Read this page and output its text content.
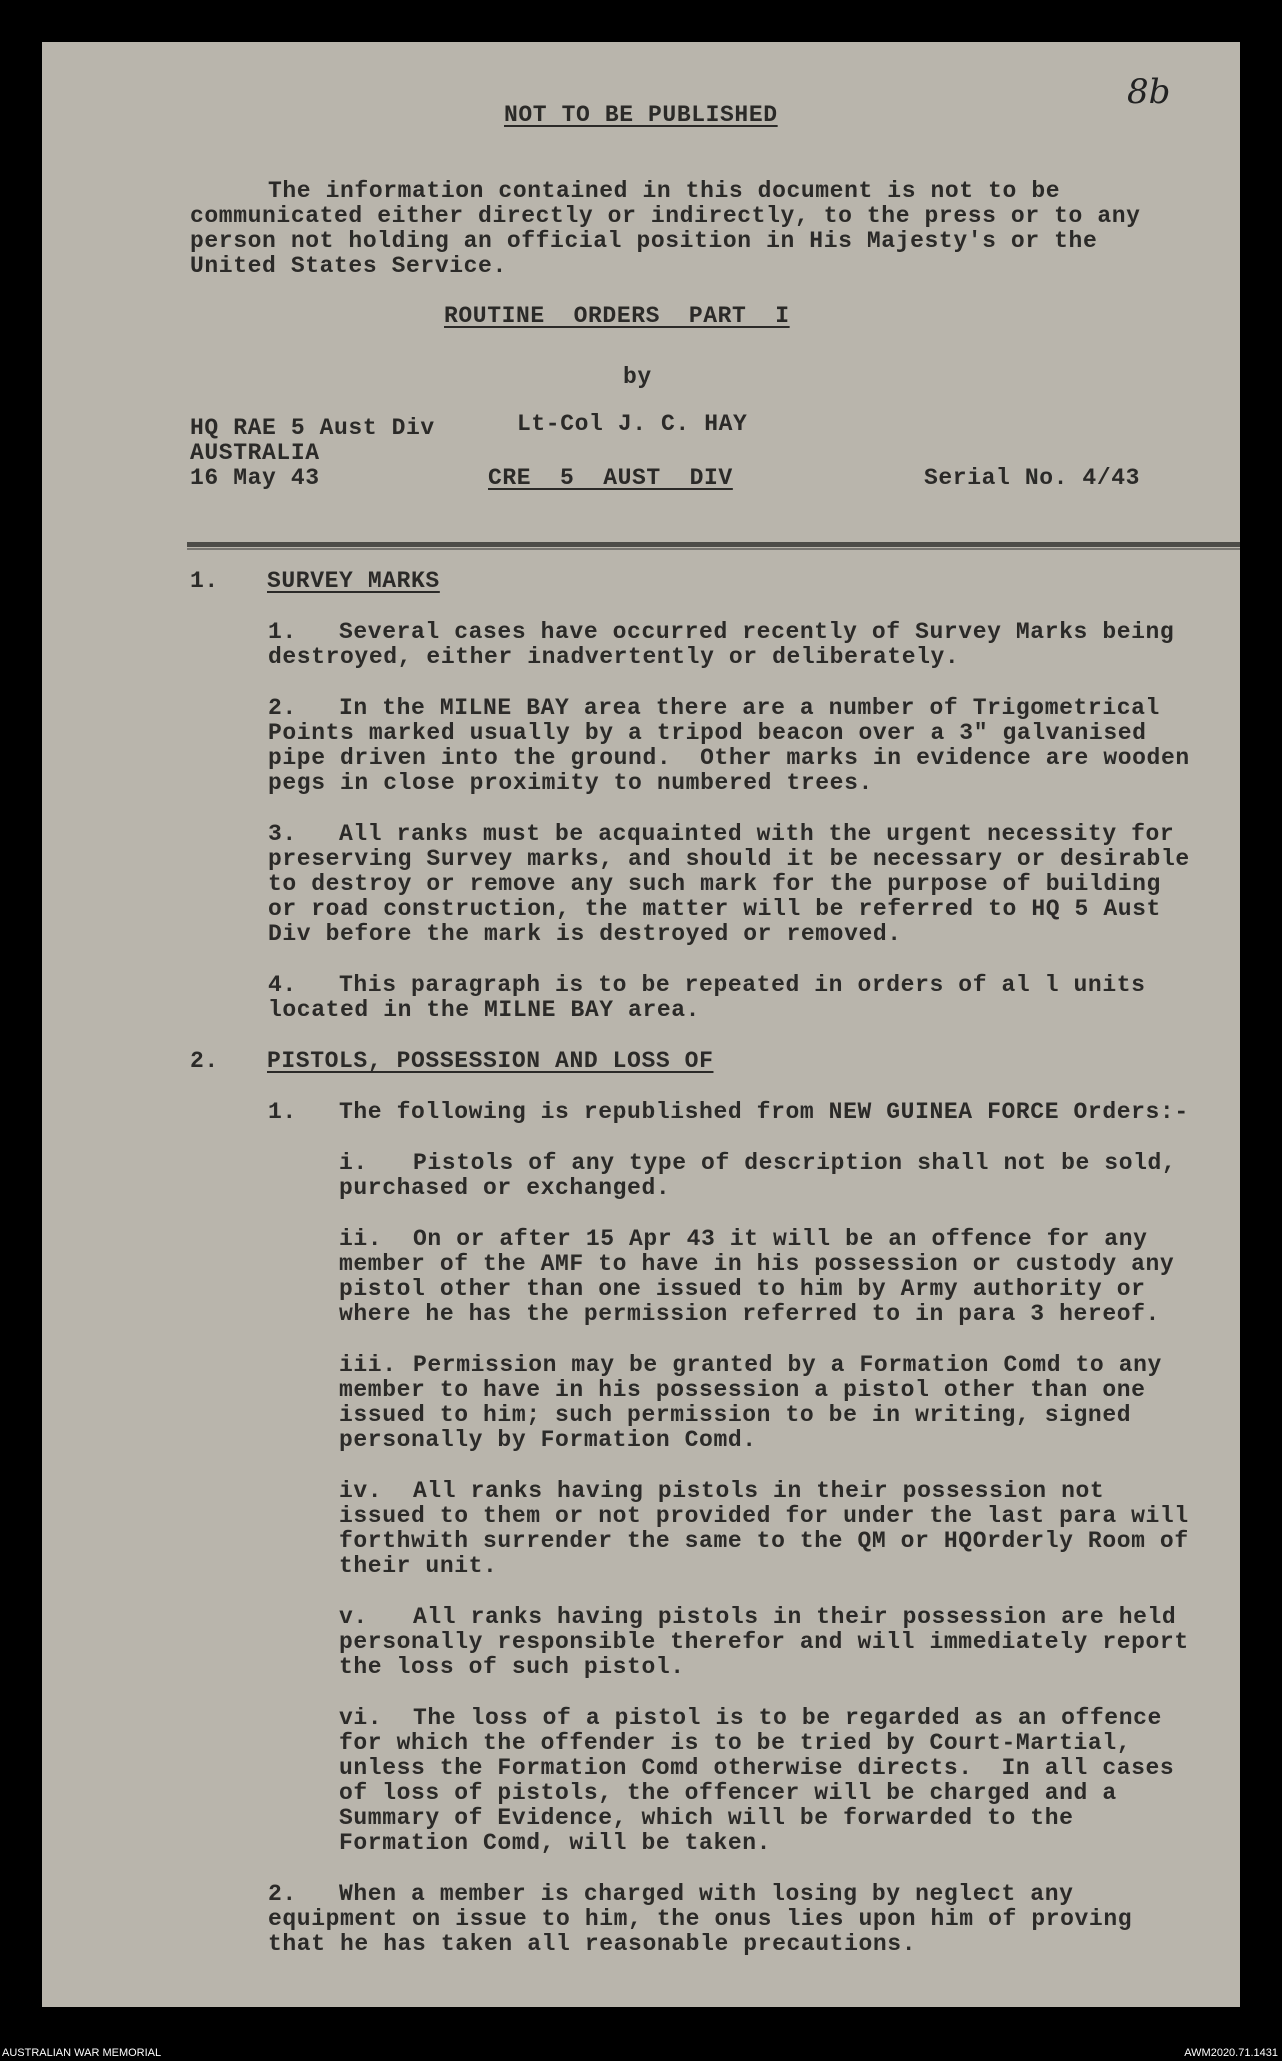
8b
NOT TO BE PUBLISHED
The information contained in this document is not to be
communicated either directly or indirectly, to the press or to any
person not holding an official position in His Majesty's or the
United States Service.
ROUTINE  ORDERS  PART  I
by
HQ RAE 5 Aust Div	Lt-Col J. C. HAY
AUSTRALIA
16 May 43	CRE  5  AUST  DIV	Serial No. 4/43
1. SURVEY MARKS
1. Several cases have occurred recently of Survey Marks being
destroyed, either inadvertently or deliberately.
2. In the MILNE BAY area there are a number of Trigometrical
Points marked usually by a tripod beacon over a 3" galvanised
pipe driven into the ground.  Other marks in evidence are wooden
pegs in close proximity to numbered trees.
3. All ranks must be acquainted with the urgent necessity for
preserving Survey marks, and should it be necessary or desirable
to destroy or remove any such mark for the purpose of building
or road construction, the matter will be referred to HQ 5 Aust
Div before the mark is destroyed or removed.
4. This paragraph is to be repeated in orders of al l units
located in the MILNE BAY area.
2. PISTOLS, POSSESSION AND LOSS OF
1. The following is republished from NEW GUINEA FORCE Orders:-
i. Pistols of any type of description shall not be sold,
purchased or exchanged.
ii. On or after 15 Apr 43 it will be an offence for any
member of the AMF to have in his possession or custody any
pistol other than one issued to him by Army authority or
where he has the permission referred to in para 3 hereof.
iii. Permission may be granted by a Formation Comd to any
member to have in his possession a pistol other than one
issued to him; such permission to be in writing, signed
personally by Formation Comd.
iv. All ranks having pistols in their possession not
issued to them or not provided for under the last para will
forthwith surrender the same to the QM or HQOrderly Room of
their unit.
v. All ranks having pistols in their possession are held
personally responsible therefor and will immediately report
the loss of such pistol.
vi. The loss of a pistol is to be regarded as an offence
for which the offender is to be tried by Court-Martial,
unless the Formation Comd otherwise directs.  In all cases
of loss of pistols, the offencer will be charged and a
Summary of Evidence, which will be forwarded to the
Formation Comd, will be taken.
2. When a member is charged with losing by neglect any
equipment on issue to him, the onus lies upon him of proving
that he has taken all reasonable precautions.
AUSTRALIAN WAR MEMORIAL	AWM2020.71.1431
